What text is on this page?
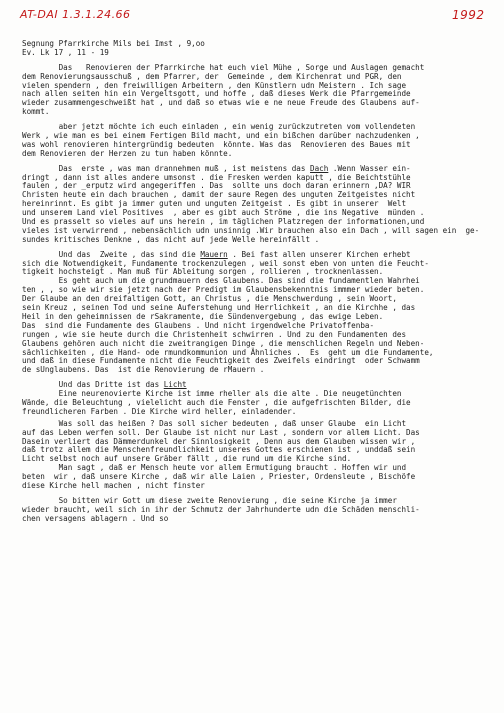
AT-DAI 1.3.1.24.66	1992
Segnung Pfarrkirche Mils bei Imst , 9,oo
Ev. Lk 17 , 11 - 19
Das   Renovieren der Pfarrkirche hat euch viel Mühe , Sorge und Auslagen gemacht
dem Renovierungsausschuß , dem Pfarrer, der  Gemeinde , dem Kirchenrat und PGR, den
vielen spendern , den freiwilligen Arbeitern , den Künstlern udn Meistern . Ich sage
nach allen seiten hin ein Vergeltsgott, und hoffe , daß dieses Werk die Pfarrgemeinde
wieder zusammengeschweißt hat , und daß so etwas wie e ne neue Freude des Glaubens auf-
kommt.
aber jetzt möchte ich euch einladen , ein wenig zurückzutreten vom vollendeten
Werk , wie man es bei einem Fertigen Bild macht, und ein bißchen darüber nachzudenken ,
was wohl renovieren hintergründig bedeuten  könnte. Was das  Renovieren des Baues mit
dem Renovieren der Herzen zu tun haben könnte.
Das  erste , was man drannehmen muß , ist meistens das Dach .Wenn Wasser ein-
dringt , dann ist alles andere umsonst . die Fresken werden kaputt , die Beichtstühle
faulen , der _erputz wird angegeriffen . Das  sollte uns doch daran erinnern ,DA? WIR
Christen heute ein dach brauchen , damit der saure Regen des unguten Zeitgeistes nicht
hereinrinnt. Es gibt ja immer guten und unguten Zeitgeist . Es gibt in unserer  Welt
und unserem Land viel Positives  , aber es gibt auch Ströme , die ins Negative  münden .
Und es prasselt so vieles auf uns herein , im täglichen Platzregen der informationen,und
vieles ist verwirrend , nebensächlich udn unsinnig .Wir brauchen also ein Dach , will sagen ein  ge-
sundes kritisches Denkne , das nicht auf jede Welle hereinfällt .
Und das  Zweite , das sind die Mauern . Bei fast allen unserer Kirchen erhebt
sich die Notwendigkeit, Fundamente trockenzulegen , weil sonst eben von unten die Feucht-
tigkeit hochsteigt . Man muß für Ableitung sorgen , rollieren , trocknenlassen.
Es geht auch um die grundmauern des Glaubens. Das sind die fundamentlen Wahrhei
ten , , so wie wir sie jetzt nach der Predigt im Glaubensbekenntnis immmer wieder beten.
Der Glaube an den dreifaltigen Gott, an Christus , die Menschwerdung , sein Woort,
sein Kreuz , seinen Tod und seine Auferstehung und Herrlichkeit , an die Kirchhe , das
Heil in den geheimnissen de rSakramente, die Sündenvergebung , das ewige Leben.
Das  sind die Fundamente des Glaubens . Und nicht irgendwelche Privatoffenba-
rungen , wie sie heute durch die Christenheit schwirren . Und zu den Fundamenten des
Glaubens gehören auch nicht die zweitrangigen Dinge , die menschlichen Regeln und Neben-
sächlichkeiten , die Hand- ode rmundkommunion und Ähnliches .  Es  geht um die Fundamente,
und daß in diese Fundamente nicht die Feuchtigkeit des Zweifels eindringt  oder Schwamm
de sUnglaubens. Das  ist die Renovierung de rMauern .
Und das Dritte ist das Licht
Eine neurenovierte Kirche ist imme rheller als die alte . Die neugetünchten
Wände, die Beleuchtung , vielelicht auch die Fenster , die aufgefrischten Bilder, die
freundlicheren Farben . Die Kirche wird heller, einladender.
Was soll das heißen ? Das soll sicher bedeuten , daß unser Glaube  ein Licht
auf das Leben werfen soll. Der Glaube ist nicht nur Last , sondern vor allem Licht. Das
Dasein verliert das Dämmerdunkel der Sinnlosigkeit , Denn aus dem Glauben wissen wir ,
daß trotz allem die Menschenfreundlichkeit unseres Gottes erschienen ist , unddaß sein
Licht selbst noch auf unsere Gräber fällt , die rund um die Kirche sind.
Man sagt , daß er Mensch heute vor allem Ermutigung braucht . Hoffen wir und
beten  wir , daß unsere Kirche , daß wir alle Laien , Priester, Ordensleute , Bischöfe
diese Kirche hell machen , nicht finster
So bitten wir Gott um diese zweite Renovierung , die seine Kirche ja immer
wieder braucht, weil sich in ihr der Schmutz der Jahrhunderte udn die Schäden menschli-
chen versagens ablagern . Und so
